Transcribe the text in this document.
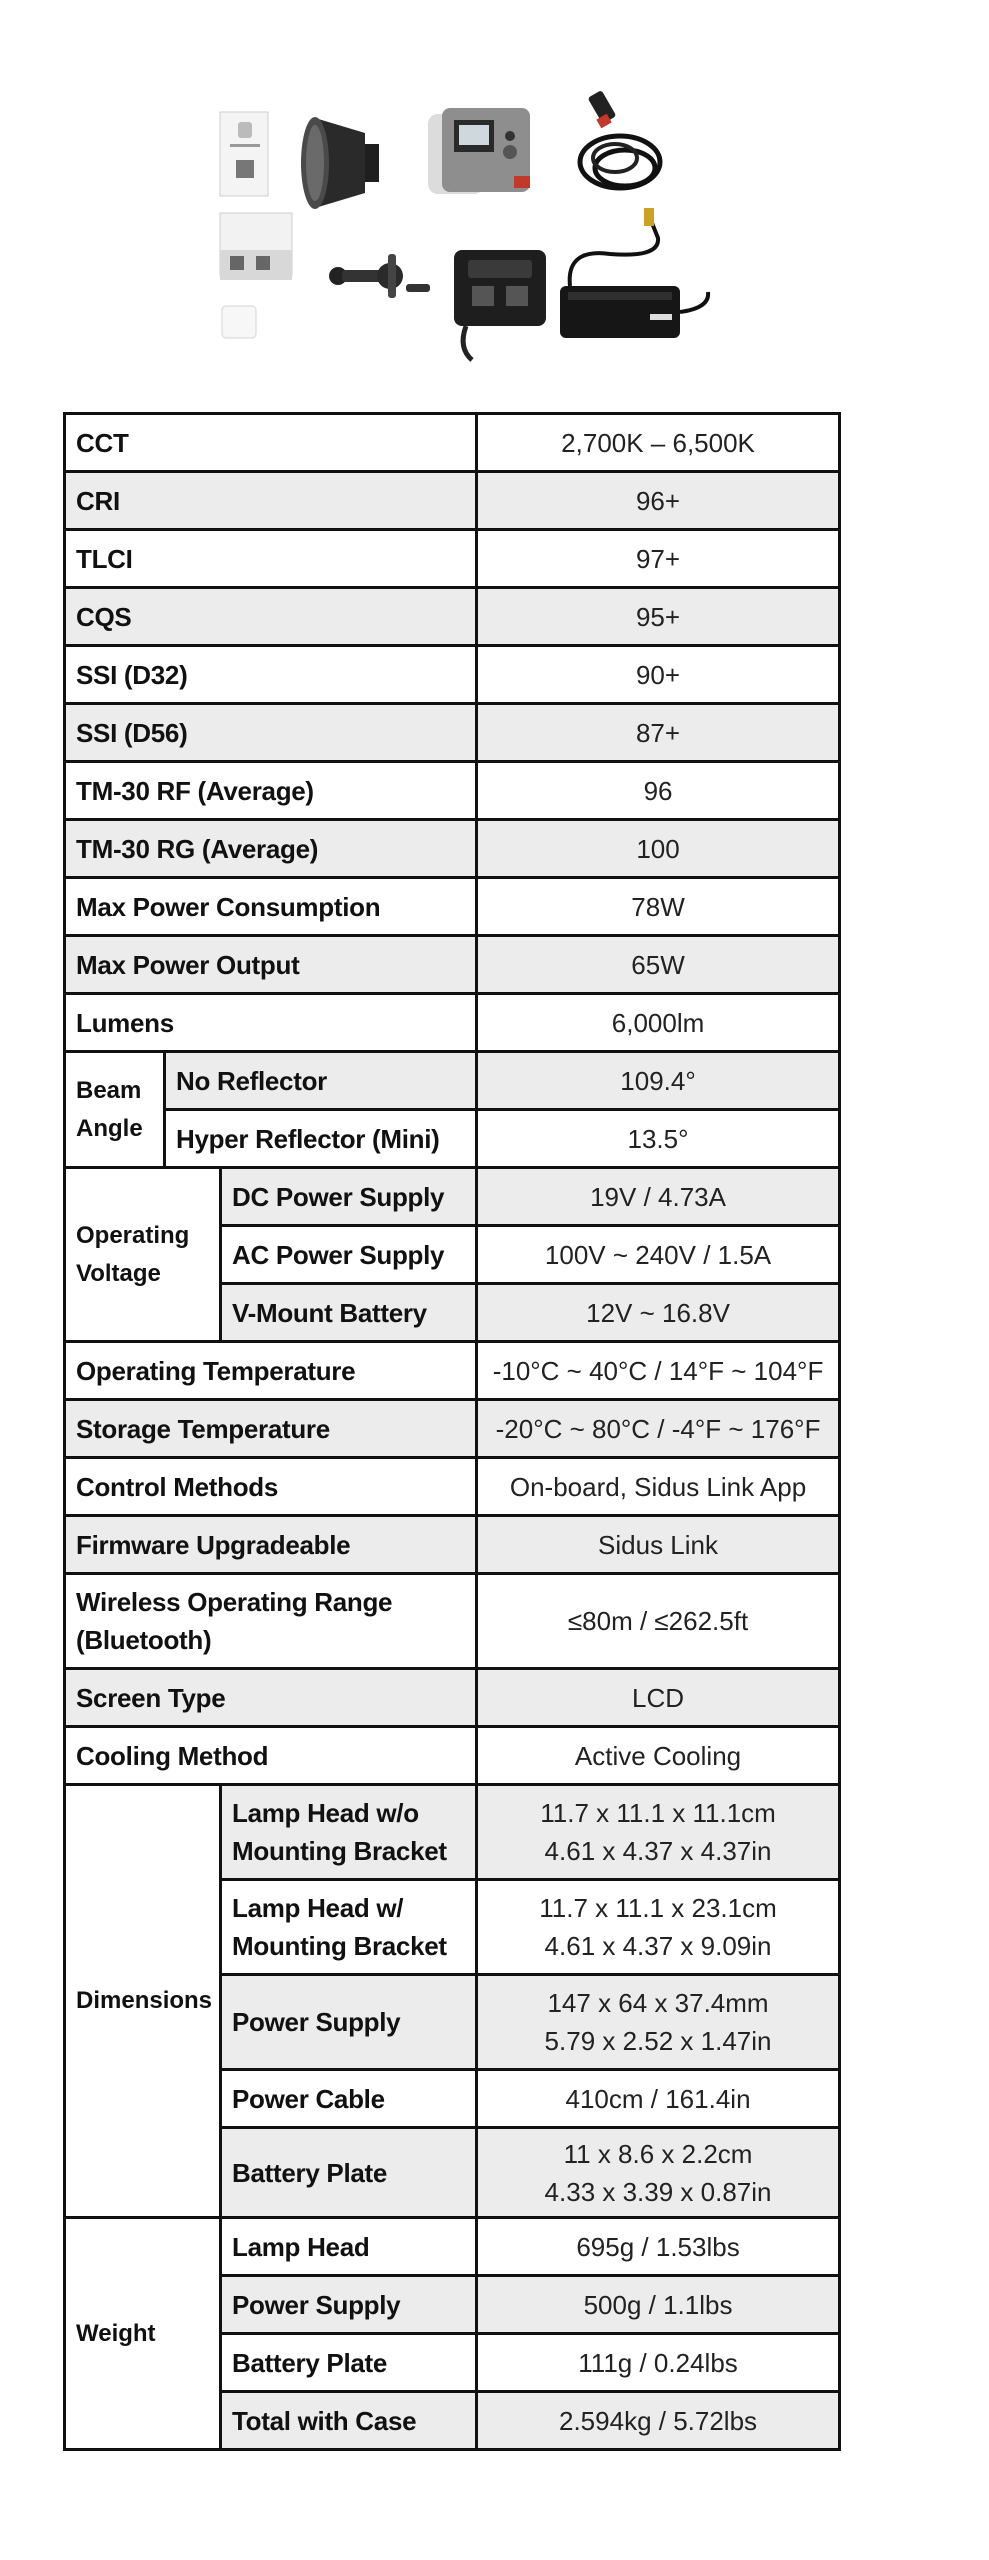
CCT			2,700K – 6,500K
CRI			96+
TLCI			97+
CQS			95+
SSI (D32)			90+
SSI (D56)			87+
TM-30 RF (Average)			96
TM-30 RG (Average)			100
Max Power Consumption			78W
Max Power Output			65W
Lumens			6,000lm
Beam Angle	No Reflector		109.4°
	Hyper Reflector (Mini)		13.5°
Operating Voltage		DC Power Supply	19V / 4.73A
		AC Power Supply	100V ~ 240V / 1.5A
		V-Mount Battery	12V ~ 16.8V
Operating Temperature			-10°C ~ 40°C / 14°F ~ 104°F
Storage Temperature			-20°C ~ 80°C / -4°F ~ 176°F
Control Methods			On-board, Sidus Link App
Firmware Upgradeable			Sidus Link
Wireless Operating Range (Bluetooth)			≤80m / ≤262.5ft
Screen Type			LCD
Cooling Method			Active Cooling
Dimensions		Lamp Head w/o Mounting Bracket	11.7 x 11.1 x 11.1cm
4.61 x 4.37 x 4.37in

		Lamp Head w/ Mounting Bracket	11.7 x 11.1 x 23.1cm
4.61 x 4.37 x 9.09in

		Power Supply	147 x 64 x 37.4mm
5.79 x 2.52 x 1.47in

		Power Cable	410cm / 161.4in
		Battery Plate	11 x 8.6 x 2.2cm
4.33 x 3.39 x 0.87in

Weight		Lamp Head	695g / 1.53lbs
		Power Supply	500g / 1.1lbs
		Battery Plate	111g / 0.24lbs
		Total with Case	2.594kg / 5.72lbs
